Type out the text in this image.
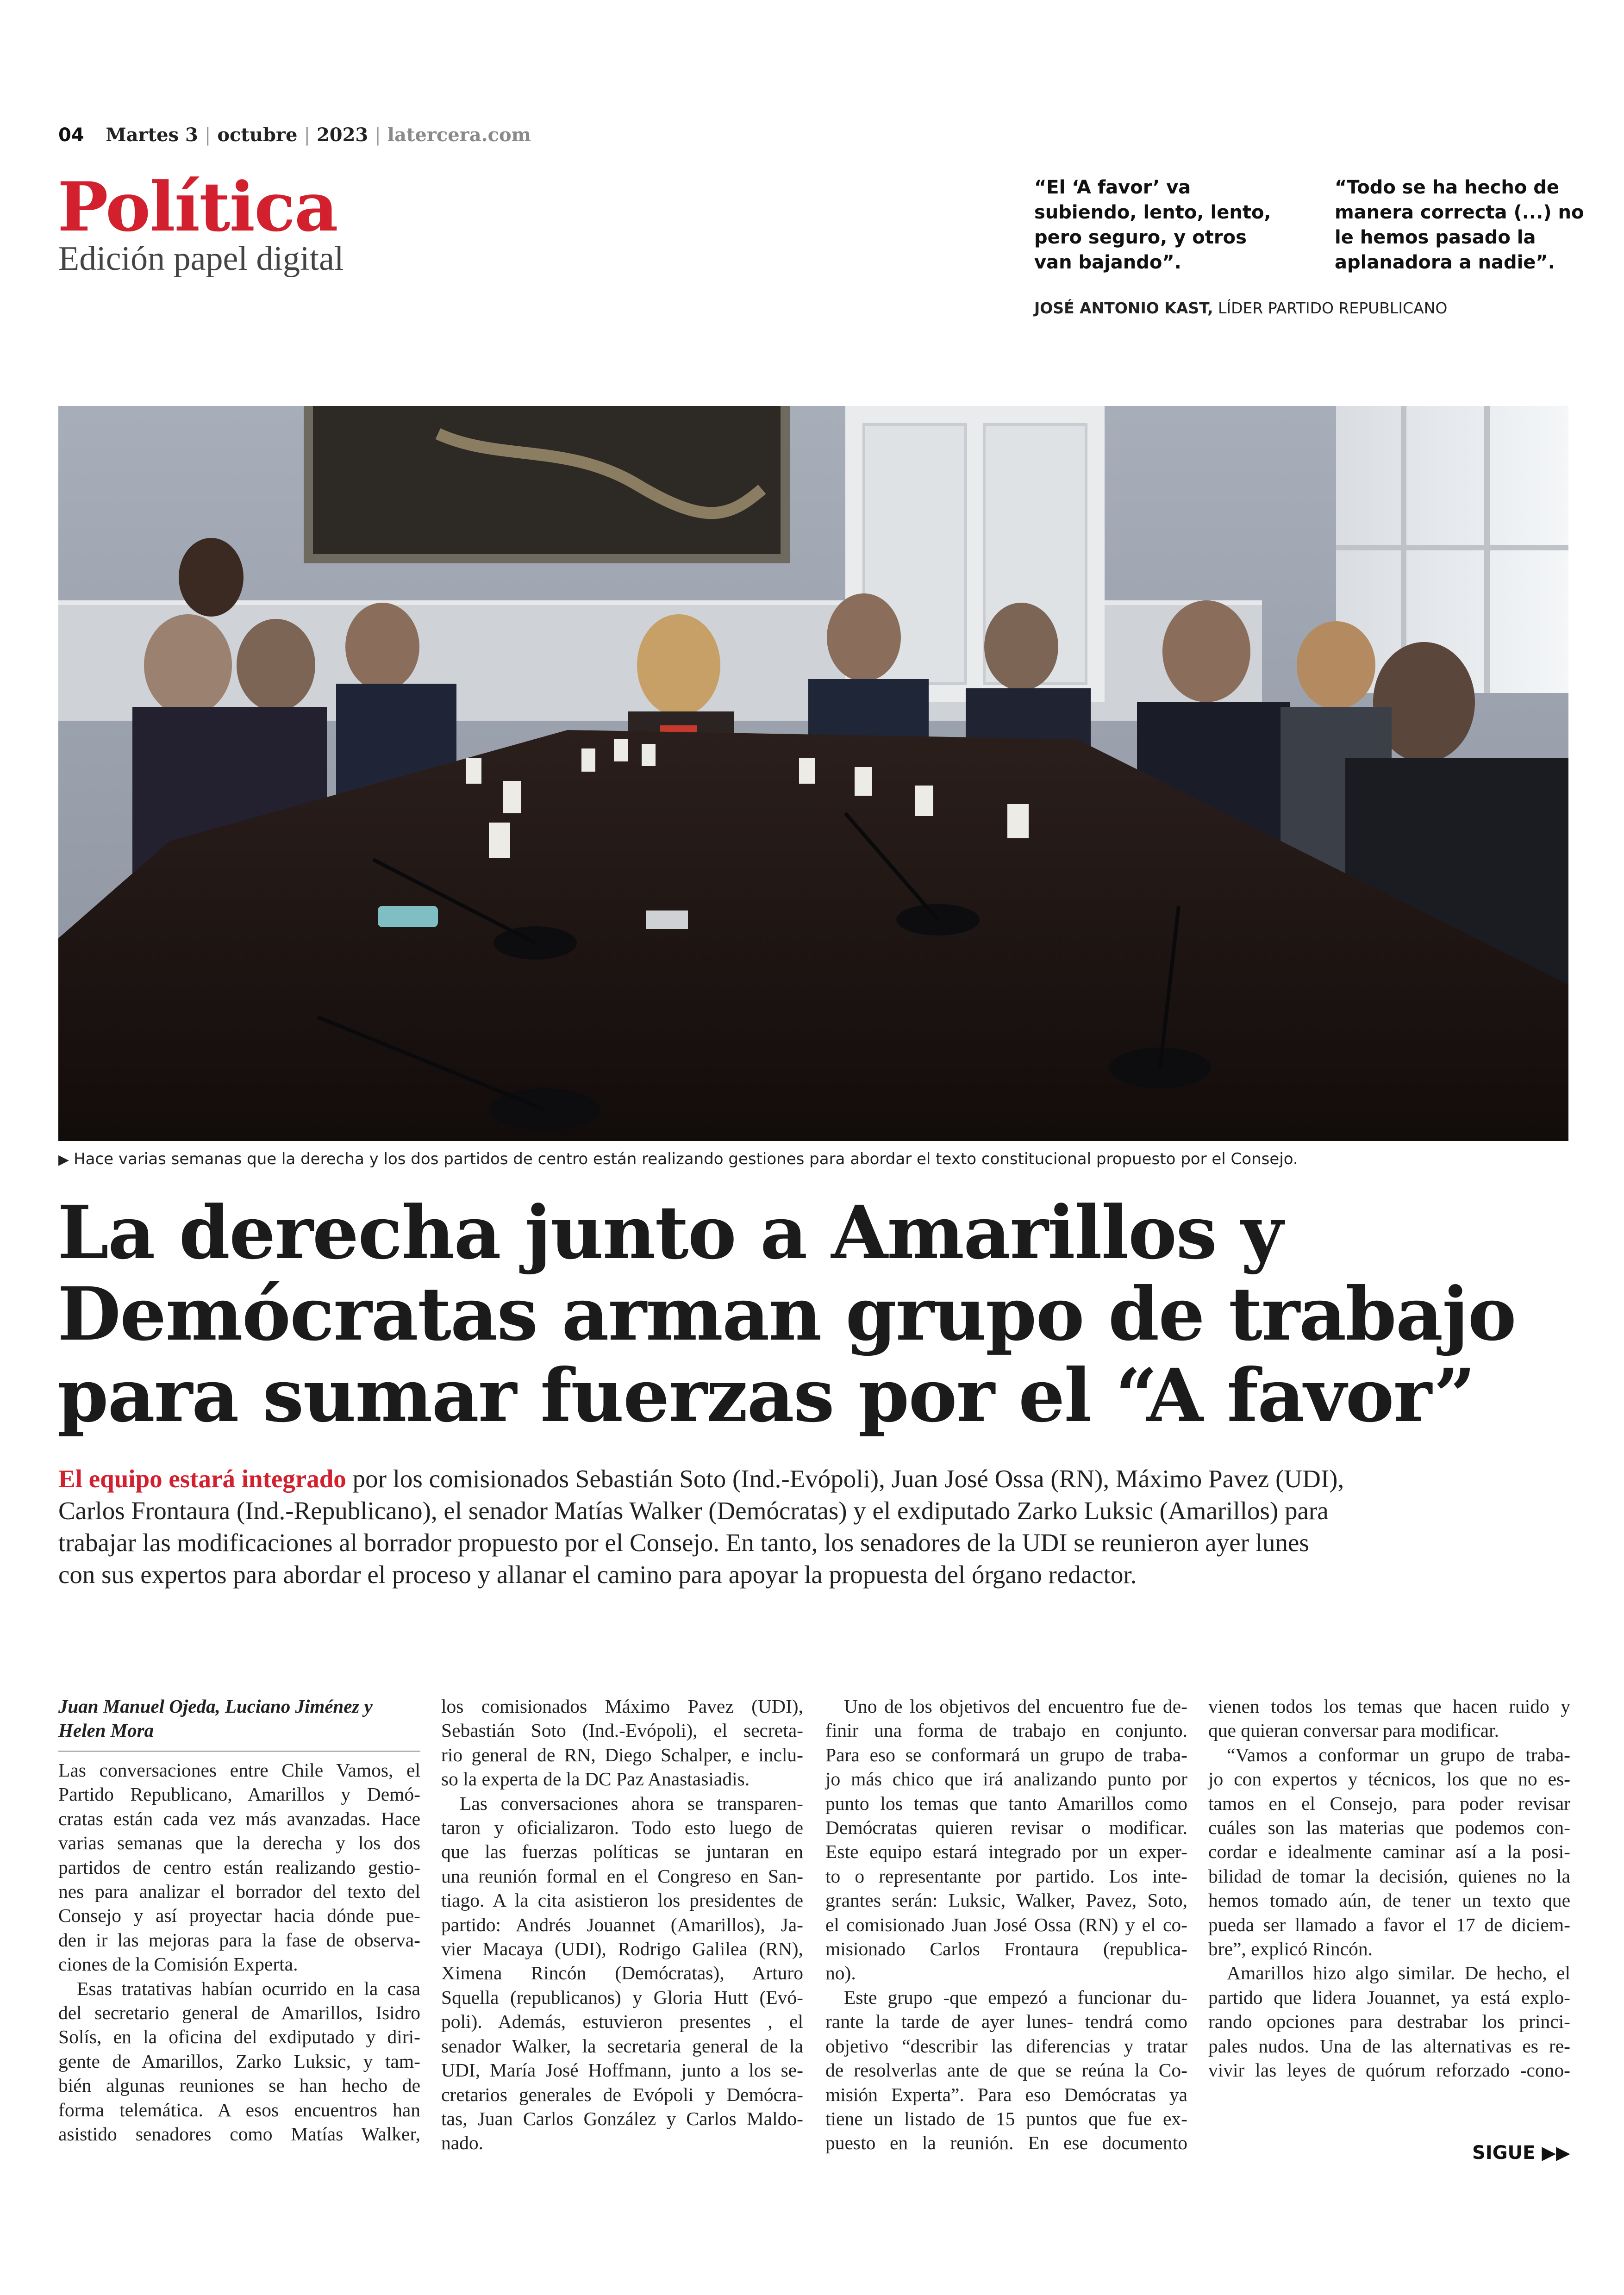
04 Martes 3 | octubre | 2023 | latercera.com
Política
Edición papel digital
“El ‘A favor’ va
subiendo, lento, lento,
pero seguro, y otros
van bajando”.
“Todo se ha hecho de
manera correcta (...) no
le hemos pasado la
aplanadora a nadie”.
JOSÉ ANTONIO KAST, LÍDER PARTIDO REPUBLICANO
▶ Hace varias semanas que la derecha y los dos partidos de centro están realizando gestiones para abordar el texto constitucional propuesto por el Consejo.
La derecha junto a Amarillos y
Demócratas arman grupo de trabajo
para sumar fuerzas por el “A favor”
El equipo estará integrado por los comisionados Sebastián Soto (Ind.-Evópoli), Juan José Ossa (RN), Máximo Pavez (UDI),
Carlos Frontaura (Ind.-Republicano), el senador Matías Walker (Demócratas) y el exdiputado Zarko Luksic (Amarillos) para
trabajar las modificaciones al borrador propuesto por el Consejo. En tanto, los senadores de la UDI se reunieron ayer lunes
con sus expertos para abordar el proceso y allanar el camino para apoyar la propuesta del órgano redactor.
Juan Manuel Ojeda, Luciano Jiménez y
Helen Mora
Las conversaciones entre Chile Vamos, el
Partido Republicano, Amarillos y Demó-
cratas están cada vez más avanzadas. Hace
varias semanas que la derecha y los dos
partidos de centro están realizando gestio-
nes para analizar el borrador del texto del
Consejo y así proyectar hacia dónde pue-
den ir las mejoras para la fase de observa-
ciones de la Comisión Experta.
Esas tratativas habían ocurrido en la casa
del secretario general de Amarillos, Isidro
Solís, en la oficina del exdiputado y diri-
gente de Amarillos, Zarko Luksic, y tam-
bién algunas reuniones se han hecho de
forma telemática. A esos encuentros han
asistido senadores como Matías Walker,
los comisionados Máximo Pavez (UDI),
Sebastián Soto (Ind.-Evópoli), el secreta-
rio general de RN, Diego Schalper, e inclu-
so la experta de la DC Paz Anastasiadis.
Las conversaciones ahora se transparen-
taron y oficializaron. Todo esto luego de
que las fuerzas políticas se juntaran en
una reunión formal en el Congreso en San-
tiago. A la cita asistieron los presidentes de
partido: Andrés Jouannet (Amarillos), Ja-
vier Macaya (UDI), Rodrigo Galilea (RN),
Ximena Rincón (Demócratas), Arturo
Squella (republicanos) y Gloria Hutt (Evó-
poli). Además, estuvieron presentes , el
senador Walker, la secretaria general de la
UDI, María José Hoffmann, junto a los se-
cretarios generales de Evópoli y Demócra-
tas, Juan Carlos González y Carlos Maldo-
nado.
Uno de los objetivos del encuentro fue de-
finir una forma de trabajo en conjunto.
Para eso se conformará un grupo de traba-
jo más chico que irá analizando punto por
punto los temas que tanto Amarillos como
Demócratas quieren revisar o modificar.
Este equipo estará integrado por un exper-
to o representante por partido. Los inte-
grantes serán: Luksic, Walker, Pavez, Soto,
el comisionado Juan José Ossa (RN) y el co-
misionado Carlos Frontaura (republica-
no).
Este grupo -que empezó a funcionar du-
rante la tarde de ayer lunes- tendrá como
objetivo “describir las diferencias y tratar
de resolverlas ante de que se reúna la Co-
misión Experta”. Para eso Demócratas ya
tiene un listado de 15 puntos que fue ex-
puesto en la reunión. En ese documento
vienen todos los temas que hacen ruido y
que quieran conversar para modificar.
“Vamos a conformar un grupo de traba-
jo con expertos y técnicos, los que no es-
tamos en el Consejo, para poder revisar
cuáles son las materias que podemos con-
cordar e idealmente caminar así a la posi-
bilidad de tomar la decisión, quienes no la
hemos tomado aún, de tener un texto que
pueda ser llamado a favor el 17 de diciem-
bre”, explicó Rincón.
Amarillos hizo algo similar. De hecho, el
partido que lidera Jouannet, ya está explo-
rando opciones para destrabar los princi-
pales nudos. Una de las alternativas es re-
vivir las leyes de quórum reforzado -cono-
SIGUE ▶▶
